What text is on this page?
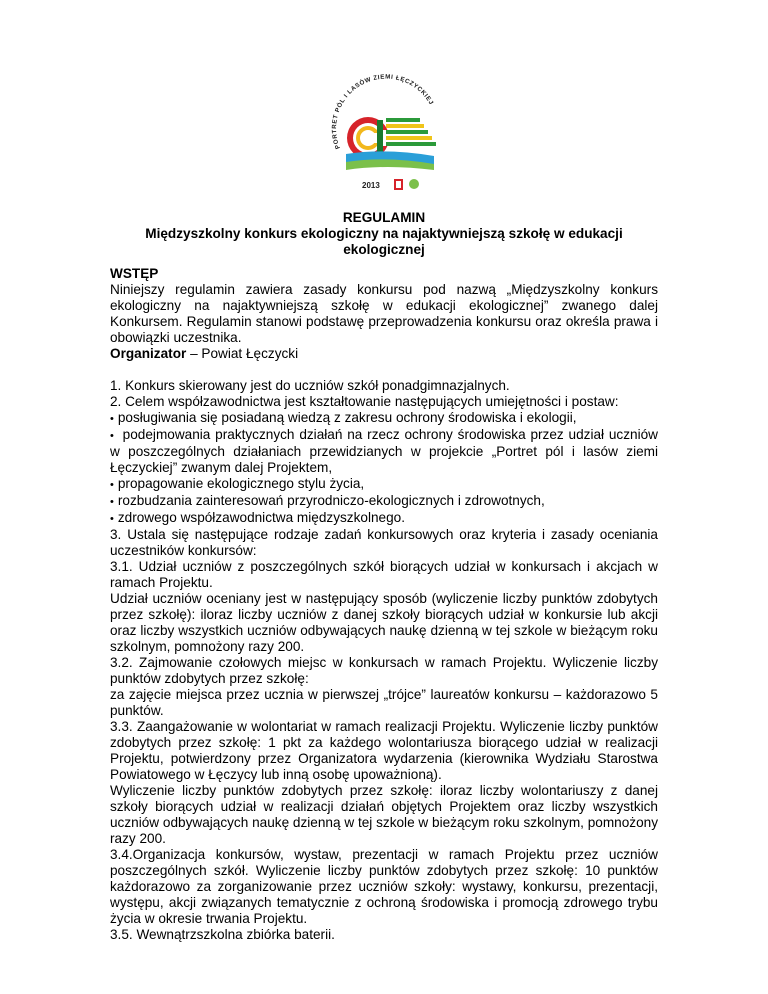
PORTRET PÓL I LASÓW ZIEMI ŁĘCZYCKIEJ
2013
REGULAMIN
Międzyszkolny konkurs ekologiczny na najaktywniejszą szkołę w edukacji
ekologicznej

WSTĘP

Niniejszy regulamin zawiera zasady konkursu pod nazwą „Międzyszkolny konkurs ekologiczny na najaktywniejszą szkołę w edukacji ekologicznej” zwanego dalej Konkursem. Regulamin stanowi podstawę przeprowadzenia konkursu oraz określa prawa i obowiązki uczestnika.

Organizator – Powiat Łęczycki

1. Konkurs skierowany jest do uczniów szkół ponadgimnazjalnych.

2. Celem współzawodnictwa jest kształtowanie następujących umiejętności i postaw:

• posługiwania się posiadaną wiedzą z zakresu ochrony środowiska i ekologii,

• podejmowania praktycznych działań na rzecz ochrony środowiska przez udział uczniów w poszczególnych działaniach przewidzianych w projekcie „Portret pól i lasów ziemi Łęczyckiej” zwanym dalej Projektem,

• propagowanie ekologicznego stylu życia,

• rozbudzania zainteresowań przyrodniczo-ekologicznych i zdrowotnych,

• zdrowego współzawodnictwa międzyszkolnego.

3. Ustala się następujące rodzaje zadań konkursowych oraz kryteria i zasady oceniania uczestników konkursów:

3.1. Udział uczniów z poszczególnych szkół biorących udział w konkursach i akcjach w ramach Projektu.

Udział uczniów oceniany jest w następujący sposób (wyliczenie liczby punktów zdobytych przez szkołę): iloraz liczby uczniów z danej szkoły biorących udział w konkursie lub akcji oraz liczby wszystkich uczniów odbywających naukę dzienną w tej szkole w bieżącym roku szkolnym, pomnożony razy 200.

3.2. Zajmowanie czołowych miejsc w konkursach w ramach Projektu. Wyliczenie liczby punktów zdobytych przez szkołę:

za zajęcie miejsca przez ucznia w pierwszej „trójce” laureatów konkursu – każdorazowo 5 punktów.

3.3. Zaangażowanie w wolontariat w ramach realizacji Projektu. Wyliczenie liczby punktów zdobytych przez szkołę: 1 pkt za każdego wolontariusza biorącego udział w realizacji Projektu, potwierdzony przez Organizatora wydarzenia (kierownika Wydziału Starostwa Powiatowego w Łęczycy lub inną osobę upoważnioną).

Wyliczenie liczby punktów zdobytych przez szkołę: iloraz liczby wolontariuszy z danej szkoły biorących udział w realizacji działań objętych Projektem oraz liczby wszystkich uczniów odbywających naukę dzienną w tej szkole w bieżącym roku szkolnym, pomnożony razy 200.

3.4.Organizacja konkursów, wystaw, prezentacji w ramach Projektu przez uczniów poszczególnych szkół. Wyliczenie liczby punktów zdobytych przez szkołę: 10 punktów każdorazowo za zorganizowanie przez uczniów szkoły: wystawy, konkursu, prezentacji, występu, akcji związanych tematycznie z ochroną środowiska i promocją zdrowego trybu życia w okresie trwania Projektu.

3.5. Wewnątrzszkolna zbiórka baterii.
